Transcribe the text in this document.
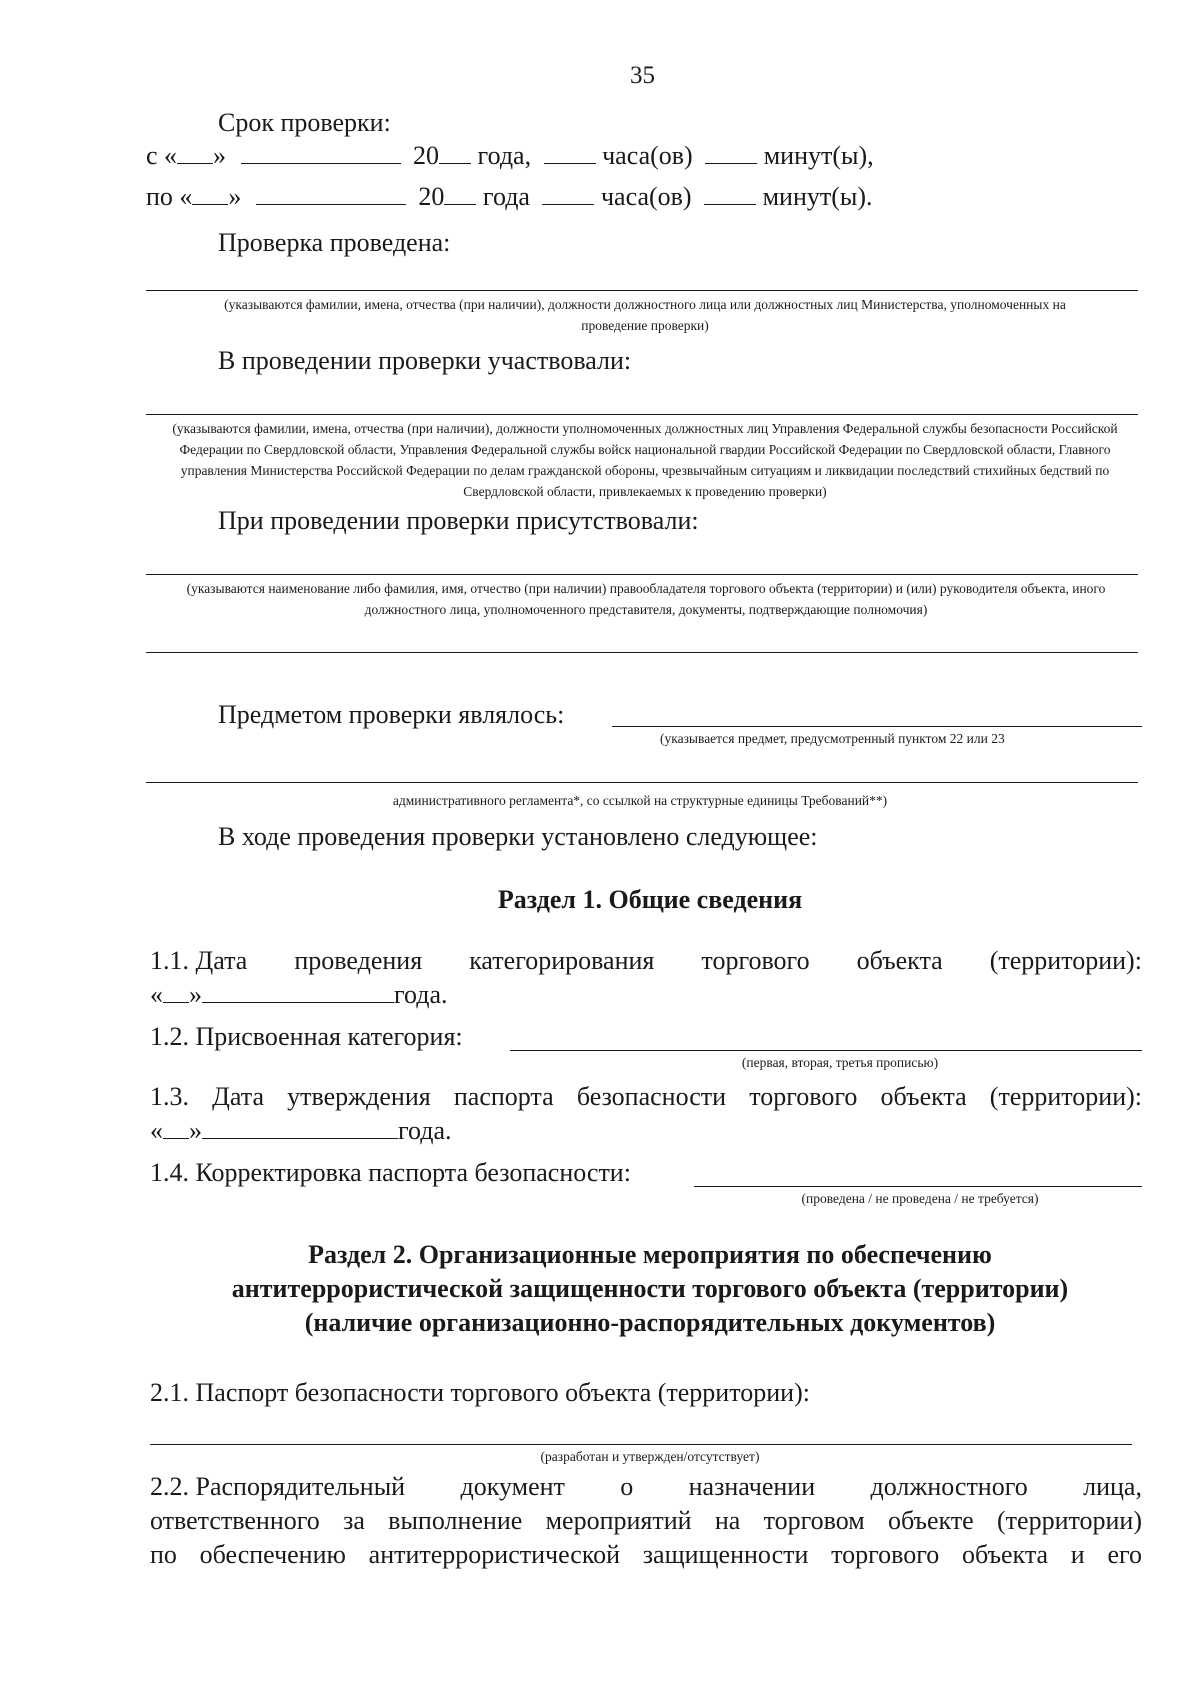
35
Срок проверки:
с « »	20 года,	часа(ов)	минут(ы),
по « »	20 года	часа(ов)	минут(ы).
Проверка проведена:
(указываются фамилии, имена, отчества (при наличии), должности должностного лица или должностных лиц Министерства, уполномоченных на проведение проверки)
В проведении проверки участвовали:
(указываются фамилии, имена, отчества (при наличии), должности уполномоченных должностных лиц Управления Федеральной службы безопасности Российской Федерации по Свердловской области, Управления Федеральной службы войск национальной гвардии Российской Федерации по Свердловской области, Главного управления Министерства Российской Федерации по делам гражданской обороны, чрезвычайным ситуациям и ликвидации последствий стихийных бедствий по Свердловской области, привлекаемых к проведению проверки)
При проведении проверки присутствовали:
(указываются наименование либо фамилия, имя, отчество (при наличии) правообладателя торгового объекта (территории) и (или) руководителя объекта, иного должностного лица, уполномоченного представителя, документы, подтверждающие полномочия)
Предметом проверки являлось:
(указывается предмет, предусмотренный пунктом 22 или 23
административного регламента*, со ссылкой на структурные единицы Требований**)
В ходе проведения проверки установлено следующее:
Раздел 1. Общие сведения
1.1. Дата проведения категорирования торгового объекта (территории):
« »	года.
1.2. Присвоенная категория:
(первая, вторая, третья прописью)
1.3. Дата утверждения паспорта безопасности торгового объекта (территории):
« »	года.
1.4. Корректировка паспорта безопасности:
(проведена / не проведена / не требуется)
Раздел 2. Организационные мероприятия по обеспечению
антитеррористической защищенности торгового объекта (территории)
(наличие организационно-распорядительных документов)
2.1. Паспорт безопасности торгового объекта (территории):
(разработан и утвержден/отсутствует)
2.2. Распорядительный документ о назначении должностного лица,
ответственного за выполнение мероприятий на торговом объекте (территории)
по обеспечению антитеррористической защищенности торгового объекта и его
